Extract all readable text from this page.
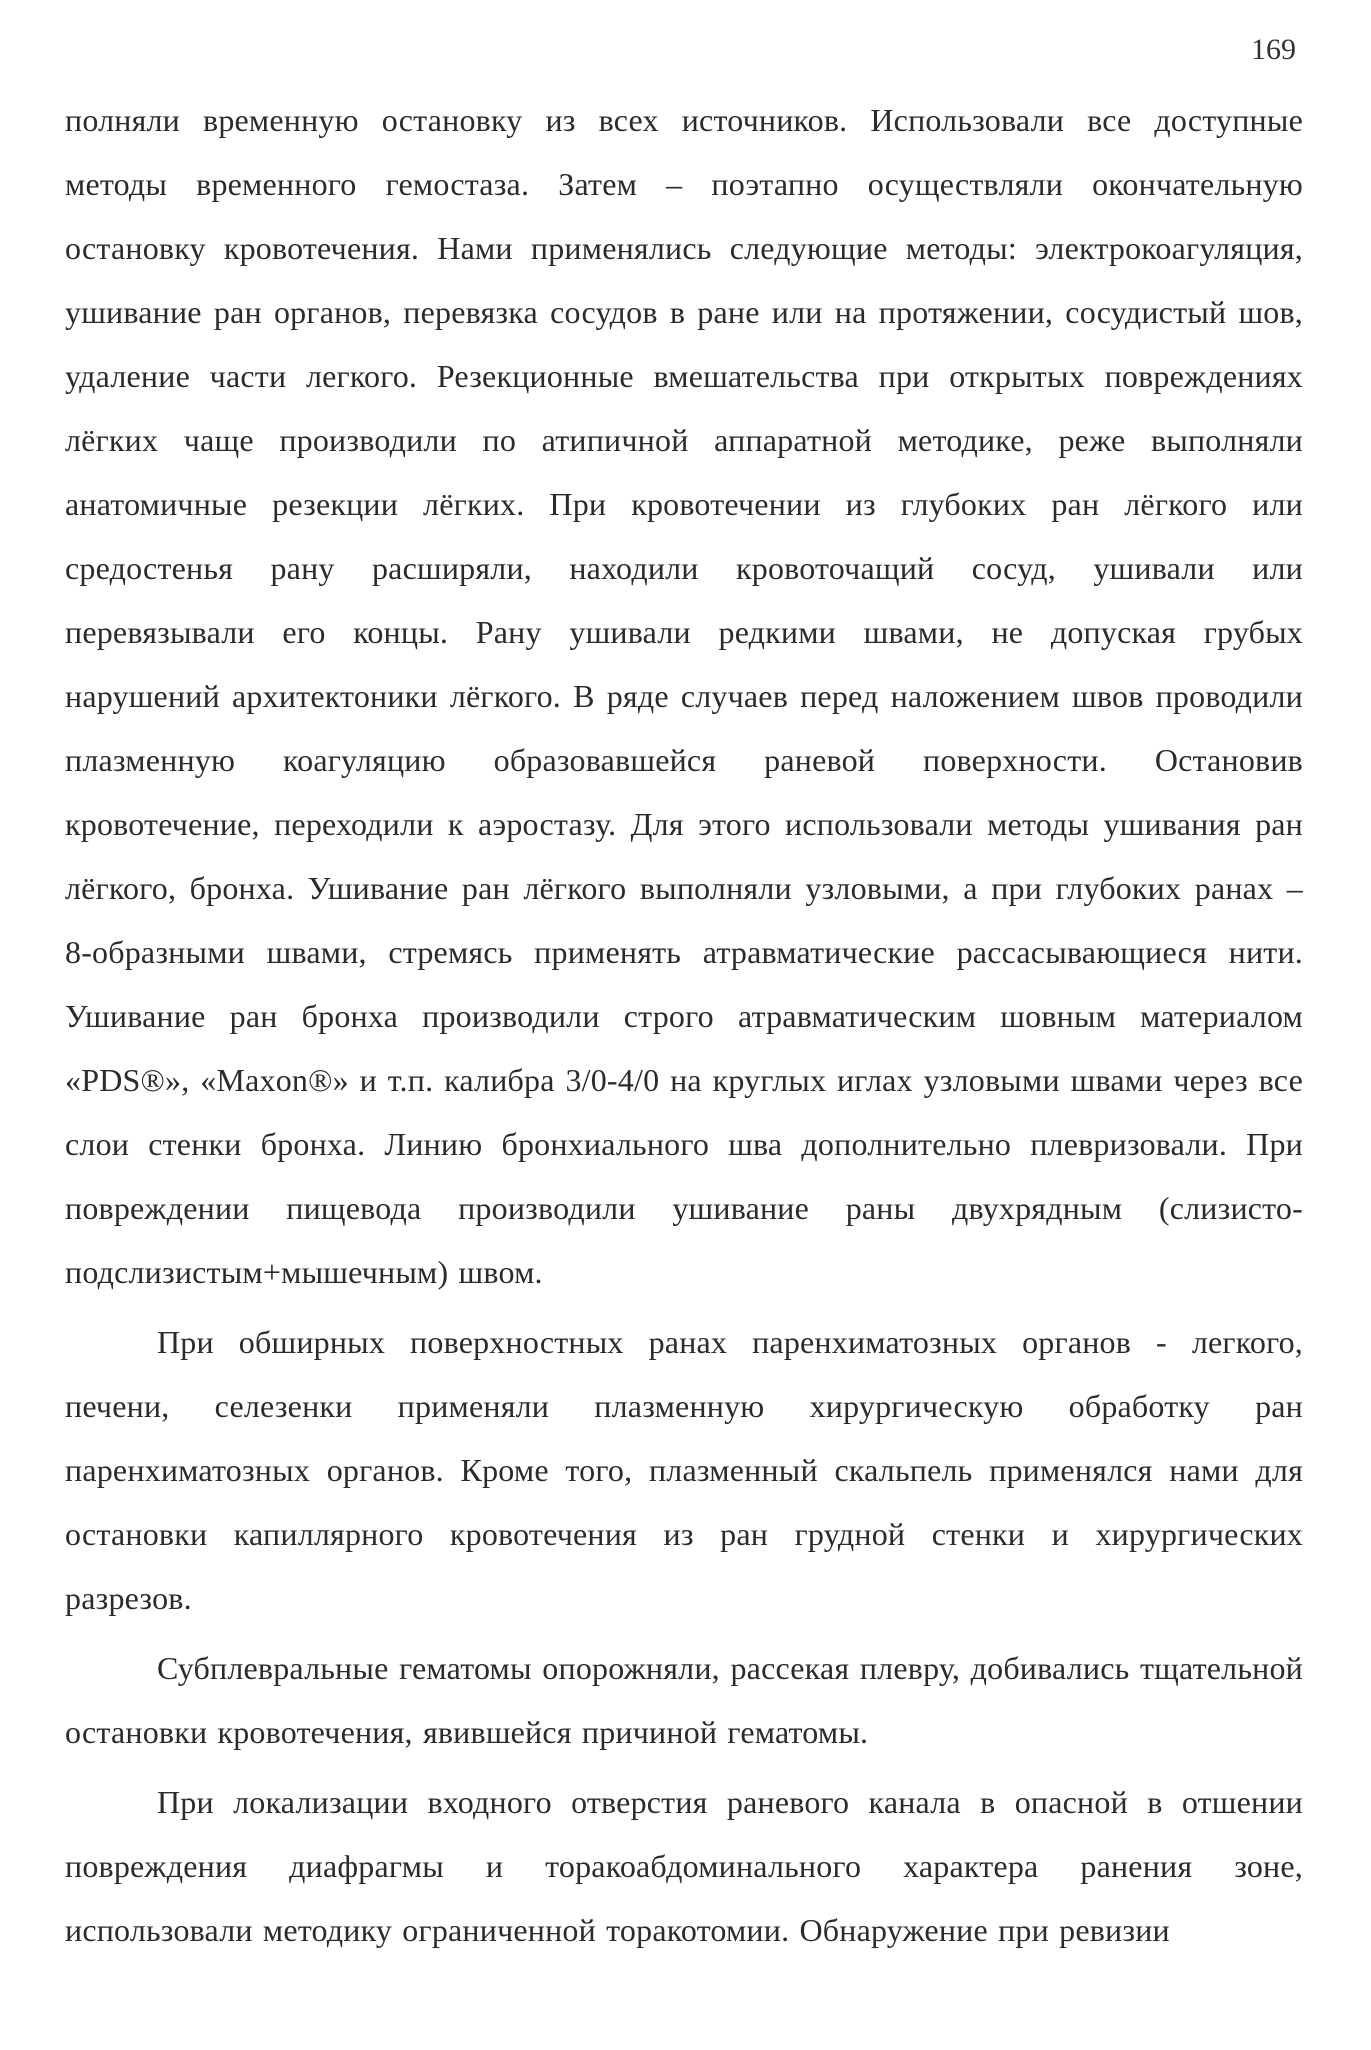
169

полняли временную остановку из всех источников. Использовали все доступные методы временного гемостаза. Затем – поэтапно осуществляли окончательную остановку кровотечения. Нами применялись следующие методы: электрокоагуляция, ушивание ран органов, перевязка сосудов в ране или на протяжении, сосудистый шов, удаление части легкого. Резекционные вмешательства при открытых повреждениях лёгких чаще производили по атипичной аппаратной методике, реже выполняли анатомичные резекции лёгких. При кровотечении из глубоких ран лёгкого или средостенья рану расширяли, находили кровоточащий сосуд, ушивали или перевязывали его концы. Рану ушивали редкими швами, не допуская грубых нарушений архитектоники лёгкого. В ряде случаев перед наложением швов проводили плазменную коагуляцию образовавшейся раневой поверхности. Остановив кровотечение, переходили к аэростазу. Для этого использовали методы ушивания ран лёгкого, бронха. Ушивание ран лёгкого выполняли узловыми, а при глубоких ранах – 8-образными швами, стремясь применять атравматические рассасывающиеся нити. Ушивание ран бронха производили строго атравматическим шовным материалом «PDS®», «Maxon®» и т.п. калибра 3/0-4/0 на круглых иглах узловыми швами через все слои стенки бронха. Линию бронхиального шва дополнительно плевризовали. При повреждении пищевода производили ушивание раны двухрядным (слизисто-подслизистым+мышечным) швом.

При обширных поверхностных ранах паренхиматозных органов - легкого, печени, селезенки применяли плазменную хирургическую обработку ран паренхиматозных органов. Кроме того, плазменный скальпель применялся нами для остановки капиллярного кровотечения из ран грудной стенки и хирургических разрезов.

Субплевральные гематомы опорожняли, рассекая плевру, добивались тщательной остановки кровотечения, явившейся причиной гематомы.

При локализации входного отверстия раневого канала в опасной в отшении повреждения диафрагмы и торакоабдоминального характера ранения зоне, использовали методику ограниченной торакотомии. Обнаружение при ревизии
